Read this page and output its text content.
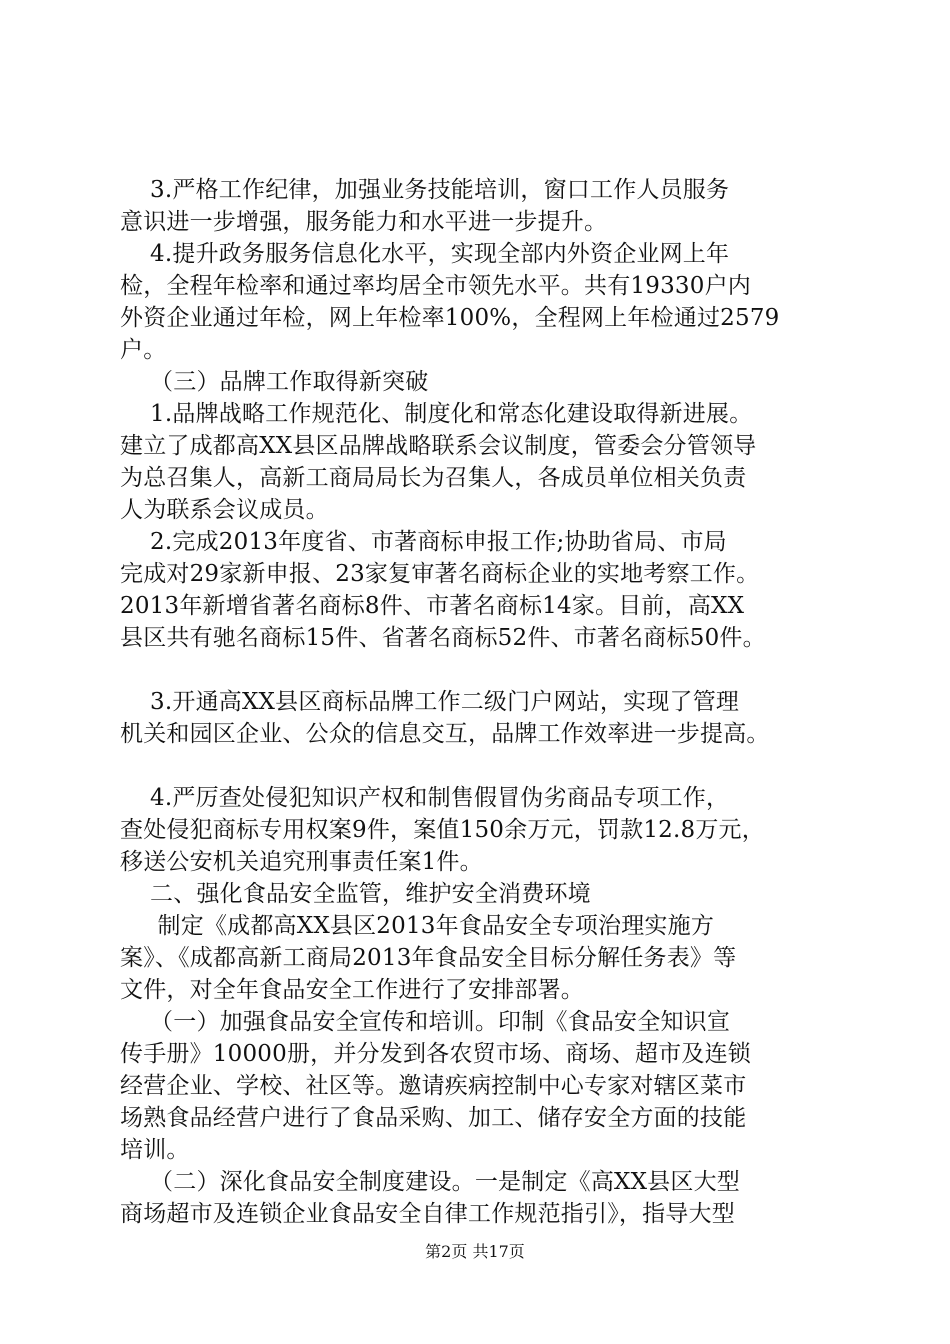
3.严格工作纪律，加强业务技能培训，窗口工作人员服务
意识进一步增强，服务能力和水平进一步提升。
4.提升政务服务信息化水平，实现全部内外资企业网上年
检，全程年检率和通过率均居全市领先水平。共有19330户内
外资企业通过年检，网上年检率100%，全程网上年检通过2579
户。
（三）品牌工作取得新突破
1.品牌战略工作规范化、制度化和常态化建设取得新进展。
建立了成都高XX县区品牌战略联系会议制度，管委会分管领导
为总召集人，高新工商局局长为召集人，各成员单位相关负责
人为联系会议成员。
2.完成2013年度省、市著商标申报工作;协助省局、市局
完成对29家新申报、23家复审著名商标企业的实地考察工作。
2013年新增省著名商标8件、市著名商标14家。目前，高XX
县区共有驰名商标15件、省著名商标52件、市著名商标50件。
3.开通高XX县区商标品牌工作二级门户网站，实现了管理
机关和园区企业、公众的信息交互，品牌工作效率进一步提高。
4.严厉查处侵犯知识产权和制售假冒伪劣商品专项工作，
查处侵犯商标专用权案9件，案值150余万元，罚款12.8万元，
移送公安机关追究刑事责任案1件。
二、强化食品安全监管，维护安全消费环境
制定《成都高XX县区2013年食品安全专项治理实施方
案》、《成都高新工商局2013年食品安全目标分解任务表》等
文件，对全年食品安全工作进行了安排部署。
（一）加强食品安全宣传和培训。印制《食品安全知识宣
传手册》10000册，并分发到各农贸市场、商场、超市及连锁
经营企业、学校、社区等。邀请疾病控制中心专家对辖区菜市
场熟食品经营户进行了食品采购、加工、储存安全方面的技能
培训。
（二）深化食品安全制度建设。一是制定《高XX县区大型
商场超市及连锁企业食品安全自律工作规范指引》，指导大型
第2页 共17页
